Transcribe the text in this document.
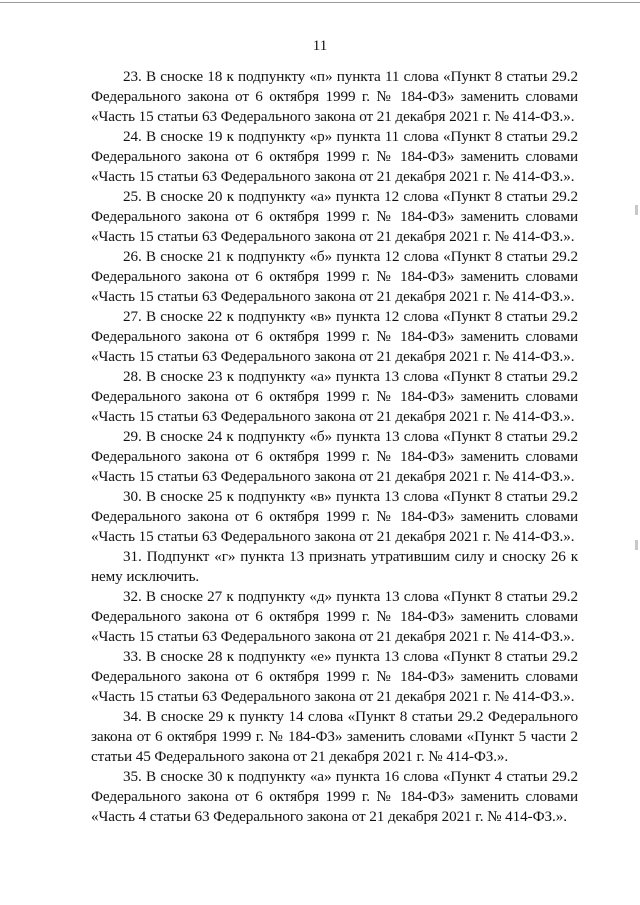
11

23. В сноске 18 к подпункту «п» пункта 11 слова «Пункт 8 статьи 29.2 Федерального закона от 6 октября 1999 г. № 184-ФЗ» заменить словами «Часть 15 статьи 63 Федерального закона от 21 декабря 2021 г. № 414-ФЗ.».

24. В сноске 19 к подпункту «р» пункта 11 слова «Пункт 8 статьи 29.2 Федерального закона от 6 октября 1999 г. № 184-ФЗ» заменить словами «Часть 15 статьи 63 Федерального закона от 21 декабря 2021 г. № 414-ФЗ.».

25. В сноске 20 к подпункту «а» пункта 12 слова «Пункт 8 статьи 29.2 Федерального закона от 6 октября 1999 г. № 184-ФЗ» заменить словами «Часть 15 статьи 63 Федерального закона от 21 декабря 2021 г. № 414-ФЗ.».

26. В сноске 21 к подпункту «б» пункта 12 слова «Пункт 8 статьи 29.2 Федерального закона от 6 октября 1999 г. № 184-ФЗ» заменить словами «Часть 15 статьи 63 Федерального закона от 21 декабря 2021 г. № 414-ФЗ.».

27. В сноске 22 к подпункту «в» пункта 12 слова «Пункт 8 статьи 29.2 Федерального закона от 6 октября 1999 г. № 184-ФЗ» заменить словами «Часть 15 статьи 63 Федерального закона от 21 декабря 2021 г. № 414-ФЗ.».

28. В сноске 23 к подпункту «а» пункта 13 слова «Пункт 8 статьи 29.2 Федерального закона от 6 октября 1999 г. № 184-ФЗ» заменить словами «Часть 15 статьи 63 Федерального закона от 21 декабря 2021 г. № 414-ФЗ.».

29. В сноске 24 к подпункту «б» пункта 13 слова «Пункт 8 статьи 29.2 Федерального закона от 6 октября 1999 г. № 184-ФЗ» заменить словами «Часть 15 статьи 63 Федерального закона от 21 декабря 2021 г. № 414-ФЗ.».

30. В сноске 25 к подпункту «в» пункта 13 слова «Пункт 8 статьи 29.2 Федерального закона от 6 октября 1999 г. № 184-ФЗ» заменить словами «Часть 15 статьи 63 Федерального закона от 21 декабря 2021 г. № 414-ФЗ.».

31. Подпункт «г» пункта 13 признать утратившим силу и сноску 26 к нему исключить.

32. В сноске 27 к подпункту «д» пункта 13 слова «Пункт 8 статьи 29.2 Федерального закона от 6 октября 1999 г. № 184-ФЗ» заменить словами «Часть 15 статьи 63 Федерального закона от 21 декабря 2021 г. № 414-ФЗ.».

33. В сноске 28 к подпункту «е» пункта 13 слова «Пункт 8 статьи 29.2 Федерального закона от 6 октября 1999 г. № 184-ФЗ» заменить словами «Часть 15 статьи 63 Федерального закона от 21 декабря 2021 г. № 414-ФЗ.».

34. В сноске 29 к пункту 14 слова «Пункт 8 статьи 29.2 Федерального закона от 6 октября 1999 г. № 184-ФЗ» заменить словами «Пункт 5 части 2 статьи 45 Федерального закона от 21 декабря 2021 г. № 414-ФЗ.».

35. В сноске 30 к подпункту «а» пункта 16 слова «Пункт 4 статьи 29.2 Федерального закона от 6 октября 1999 г. № 184-ФЗ» заменить словами «Часть 4 статьи 63 Федерального закона от 21 декабря 2021 г. № 414-ФЗ.».
